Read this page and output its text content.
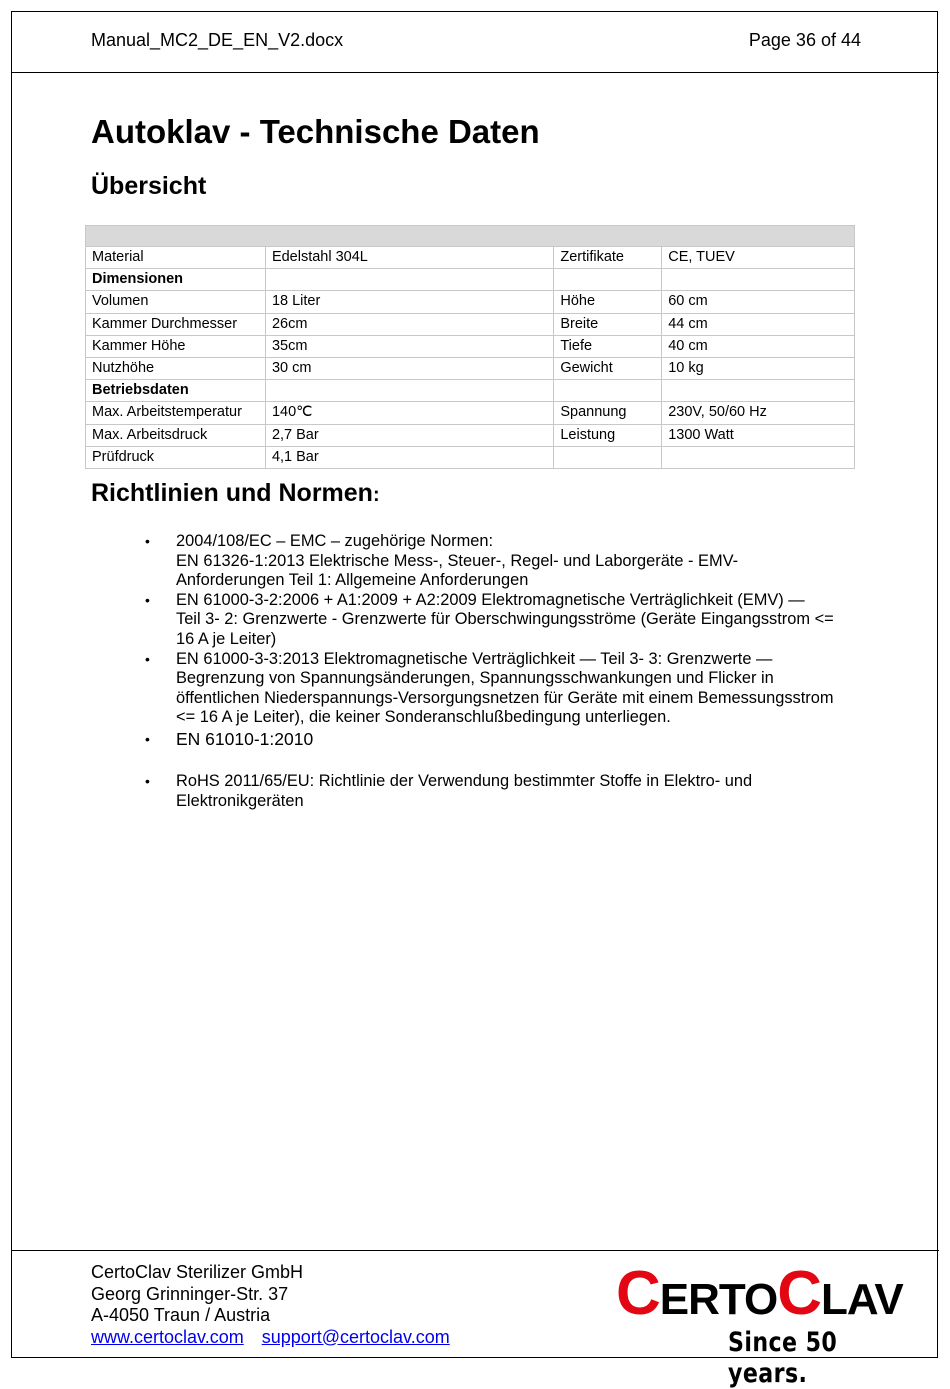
Manual_MC2_DE_EN_V2.docx	Page 36 of 44
Autoklav - Technische Daten
Übersicht

Material	Edelstahl 304L	Zertifikate	CE, TUEV
Dimensionen			
Volumen	18 Liter	Höhe	60 cm
Kammer Durchmesser	26cm	Breite	44 cm
Kammer Höhe	35cm	Tiefe	40 cm
Nutzhöhe	30 cm	Gewicht	10 kg
Betriebsdaten			
Max. Arbeitstemperatur	140℃	Spannung	230V, 50/60 Hz
Max. Arbeitsdruck	2,7 Bar	Leistung	1300 Watt
Prüfdruck	4,1 Bar		
Richtlinien und Normen:
• 2004/108/EC – EMC – zugehörige Normen:
EN 61326-1:2013 Elektrische Mess-, Steuer-, Regel- und Laborgeräte - EMV-
Anforderungen Teil 1: Allgemeine Anforderungen
• EN 61000-3-2:2006 + A1:2009 + A2:2009 Elektromagnetische Verträglichkeit (EMV) —
Teil 3- 2: Grenzwerte - Grenzwerte für Oberschwingungsströme (Geräte Eingangsstrom <=
16 A je Leiter)
• EN 61000-3-3:2013 Elektromagnetische Verträglichkeit — Teil 3- 3: Grenzwerte —
Begrenzung von Spannungsänderungen, Spannungsschwankungen und Flicker in
öffentlichen Niederspannungs-Versorgungsnetzen für Geräte mit einem Bemessungsstrom
<= 16 A je Leiter), die keiner Sonderanschlußbedingung unterliegen.
• EN 61010-1:2010
• RoHS 2011/65/EU: Richtlinie der Verwendung bestimmter Stoffe in Elektro- und
Elektronikgeräten
CertoClav Sterilizer GmbH
Georg Grinninger-Str. 37
A-4050 Traun / Austria
www.certoclav.com support@certoclav.com
CERTOCLAV
Since 50 years.
